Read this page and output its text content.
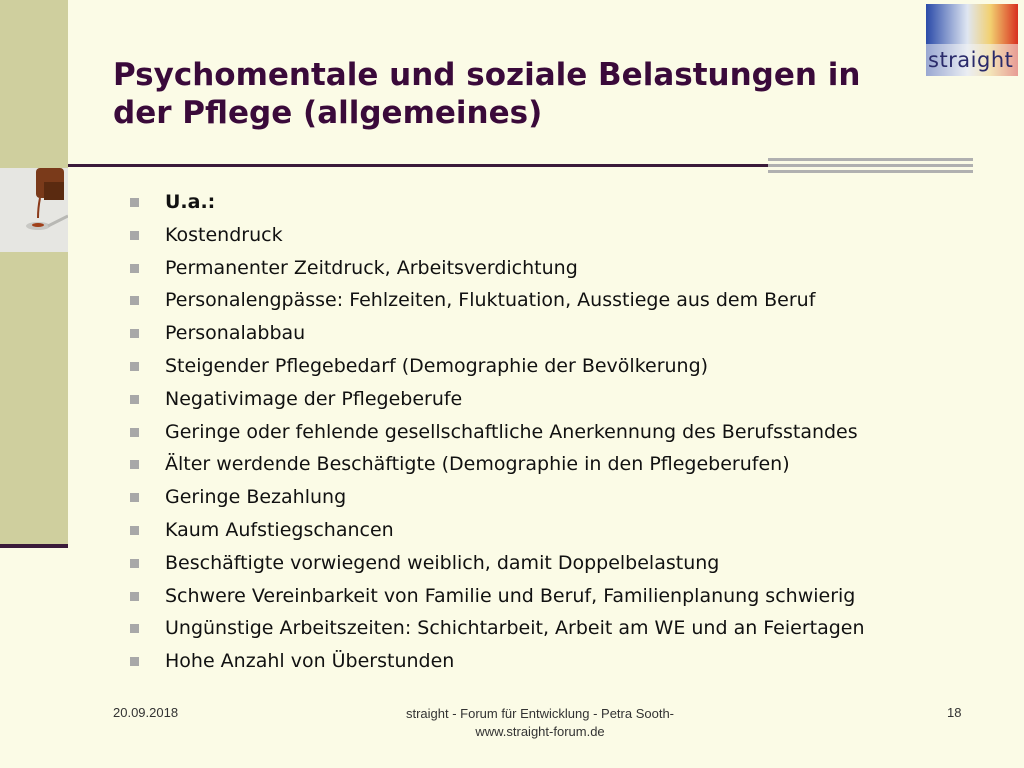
straight
Psychomentale und soziale Belastungen in der Pflege (allgemeines)
U.a.:
Kostendruck
Permanenter Zeitdruck, Arbeitsverdichtung
Personalengpässe: Fehlzeiten, Fluktuation, Ausstiege aus dem Beruf
Personalabbau
Steigender Pflegebedarf (Demographie der Bevölkerung)
Negativimage der Pflegeberufe
Geringe oder fehlende gesellschaftliche Anerkennung des Berufsstandes
Älter werdende Beschäftigte (Demographie in den Pflegeberufen)
Geringe Bezahlung
Kaum Aufstiegschancen
Beschäftigte vorwiegend weiblich, damit Doppelbelastung
Schwere Vereinbarkeit von Familie und Beruf, Familienplanung schwierig
Ungünstige Arbeitszeiten: Schichtarbeit, Arbeit am WE und an Feiertagen
Hohe Anzahl von Überstunden
20.09.2018	straight - Forum für Entwicklung - Petra Sooth-
www.straight-forum.de
18
